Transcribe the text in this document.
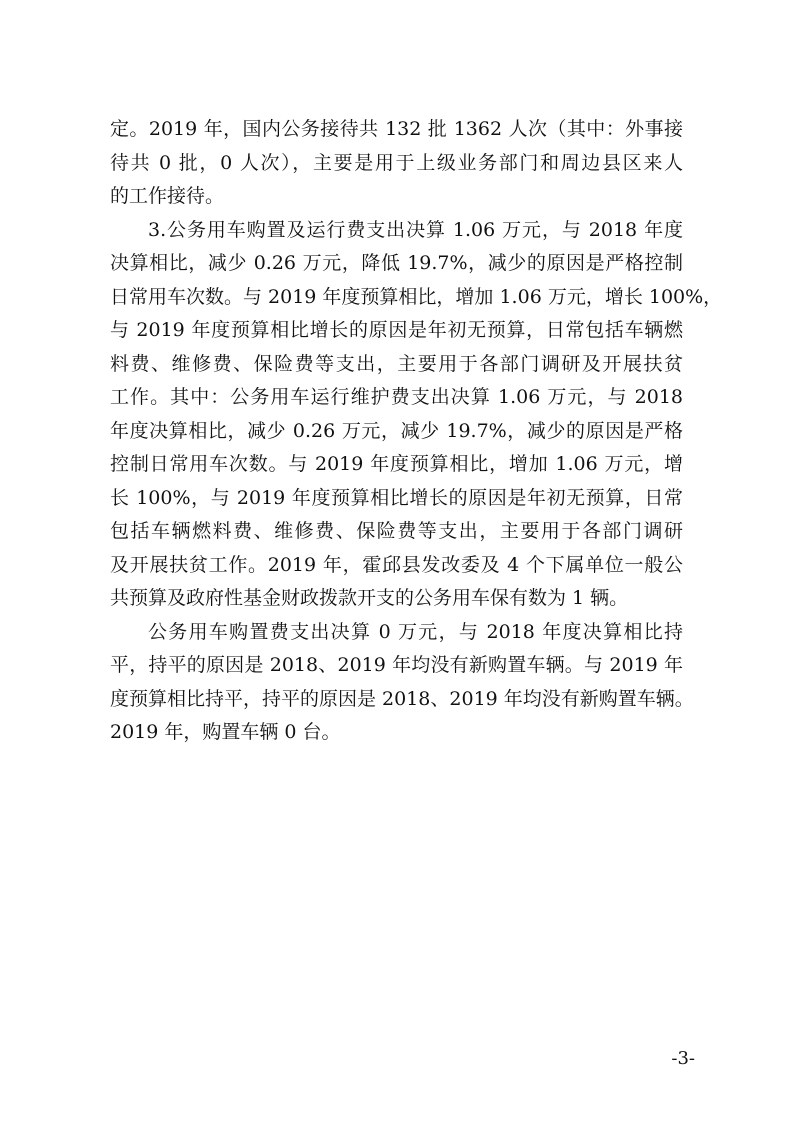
定。2019 年，国内公务接待共 132 批 1362 人次（其中：外事接
待共 0 批，0 人次），主要是用于上级业务部门和周边县区来人
的工作接待。
3.公务用车购置及运行费支出决算 1.06 万元，与 2018 年度
决算相比，减少 0.26 万元，降低 19.7%，减少的原因是严格控制
日常用车次数。与 2019 年度预算相比，增加 1.06 万元，增长 100%，
与 2019 年度预算相比增长的原因是年初无预算，日常包括车辆燃
料费、维修费、保险费等支出，主要用于各部门调研及开展扶贫
工作。其中：公务用车运行维护费支出决算 1.06 万元，与 2018
年度决算相比，减少 0.26 万元，减少 19.7%，减少的原因是严格
控制日常用车次数。与 2019 年度预算相比，增加 1.06 万元，增
长 100%，与 2019 年度预算相比增长的原因是年初无预算，日常
包括车辆燃料费、维修费、保险费等支出，主要用于各部门调研
及开展扶贫工作。2019 年，霍邱县发改委及 4 个下属单位一般公
共预算及政府性基金财政拨款开支的公务用车保有数为 1 辆。
公务用车购置费支出决算 0 万元，与 2018 年度决算相比持
平，持平的原因是 2018、2019 年均没有新购置车辆。与 2019 年
度预算相比持平，持平的原因是 2018、2019 年均没有新购置车辆。
2019 年，购置车辆 0 台。
-3-
